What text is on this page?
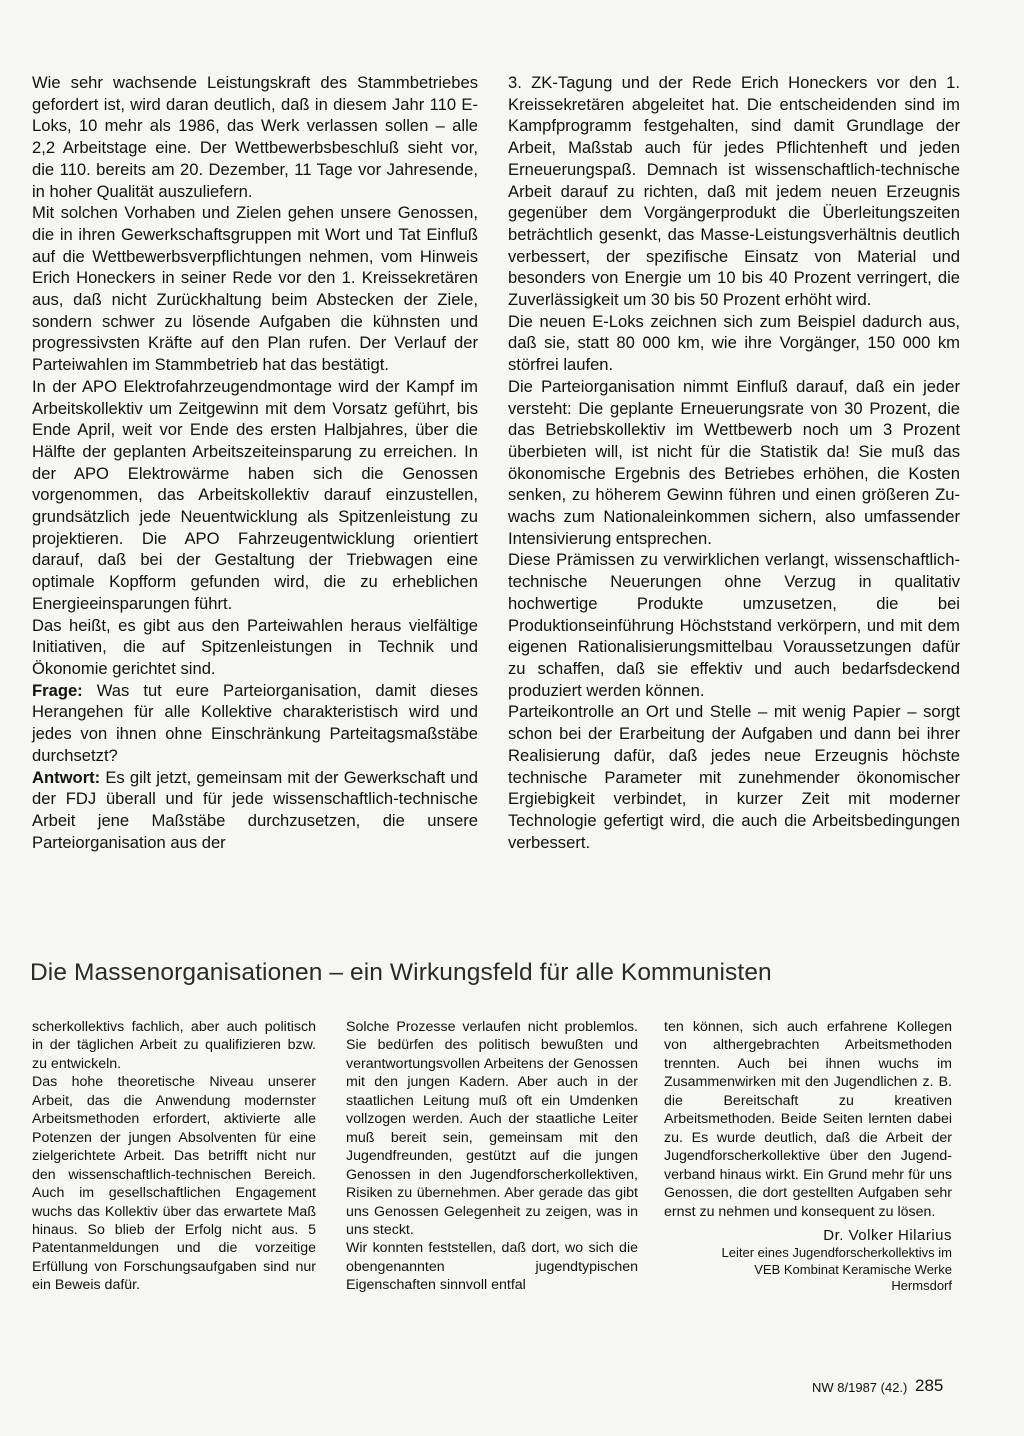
Wie sehr wachsende Leistungskraft des Stammbetriebes gefordert ist, wird daran deutlich, daß in diesem Jahr 110 E-Loks, 10 mehr als 1986, das Werk verlassen sollen – alle 2,2 Arbeitstage eine. Der Wettbewerbsbeschluß sieht vor, die 110. bereits am 20. Dezember, 11 Tage vor Jahresende, in hoher Qualität auszuliefern.

Mit solchen Vorhaben und Zielen gehen unsere Genossen, die in ihren Gewerkschaftsgruppen mit Wort und Tat Einfluß auf die Wettbewerbsverpflichtungen nehmen, vom Hinweis Erich Honeckers in seiner Rede vor den 1. Kreissekretären aus, daß nicht Zurückhaltung beim Abstecken der Ziele, sondern schwer zu lösende Aufgaben die kühnsten und progressivsten Kräfte auf den Plan rufen. Der Verlauf der Parteiwahlen im Stammbetrieb hat das bestätigt.

In der APO Elektrofahrzeugendmontage wird der Kampf im Arbeitskollektiv um Zeitgewinn mit dem Vorsatz geführt, bis Ende April, weit vor Ende des ersten Halbjahres, über die Hälfte der geplanten Arbeitszeiteinsparung zu erreichen. In der APO Elektrowärme haben sich die Genossen vorgenommen, das Arbeitskollektiv darauf einzustellen, grundsätzlich jede Neuentwicklung als Spitzenleistung zu projektieren. Die APO Fahrzeugentwicklung orientiert darauf, daß bei der Gestaltung der Triebwagen eine optimale Kopfform gefunden wird, die zu erheblichen Energieeinsparungen führt.

Das heißt, es gibt aus den Parteiwahlen heraus vielfältige Initiativen, die auf Spitzenleistungen in Technik und Ökonomie gerichtet sind.

Frage: Was tut eure Parteiorganisation, damit dieses Herangehen für alle Kollektive charakteristisch wird und jedes von ihnen ohne Einschränkung Parteitagsmaßstäbe durchsetzt?

Antwort: Es gilt jetzt, gemeinsam mit der Gewerkschaft und der FDJ überall und für jede wissenschaftlich-technische Arbeit jene Maßstäbe durchzusetzen, die unsere Parteiorganisation aus der

3. ZK-Tagung und der Rede Erich Honeckers vor den 1. Kreissekretären abgeleitet hat. Die entscheidenden sind im Kampfprogramm festgehalten, sind damit Grundlage der Arbeit, Maßstab auch für jedes Pflichtenheft und jeden Erneuerungspaß. Demnach ist wissenschaftlich-technische Arbeit darauf zu richten, daß mit jedem neuen Erzeugnis gegenüber dem Vorgängerprodukt die Überleitungszeiten beträchtlich gesenkt, das Masse-Leistungsverhältnis deutlich verbessert, der spezifische Einsatz von Material und besonders von Energie um 10 bis 40 Prozent verringert, die Zuverlässigkeit um 30 bis 50 Prozent erhöht wird.

Die neuen E-Loks zeichnen sich zum Beispiel dadurch aus, daß sie, statt 80 000 km, wie ihre Vorgänger, 150 000 km störfrei laufen.

Die Parteiorganisation nimmt Einfluß darauf, daß ein jeder versteht: Die geplante Erneuerungsrate von 30 Prozent, die das Betriebskollektiv im Wettbewerb noch um 3 Prozent überbieten will, ist nicht für die Statistik da! Sie muß das ökonomische Ergebnis des Betriebes erhöhen, die Kosten senken, zu höherem Gewinn führen und einen größeren Zuwachs zum Nationaleinkommen sichern, also umfassender Intensivierung entsprechen.

Diese Prämissen zu verwirklichen verlangt, wissenschaftlich-technische Neuerungen ohne Verzug in qualitativ hochwertige Produkte umzusetzen, die bei Produktionseinführung Höchststand verkörpern, und mit dem eigenen Rationalisierungsmittelbau Voraussetzungen dafür zu schaffen, daß sie effektiv und auch bedarfsdeckend produziert werden können.

Parteikontrolle an Ort und Stelle – mit wenig Papier – sorgt schon bei der Erarbeitung der Aufgaben und dann bei ihrer Realisierung dafür, daß jedes neue Erzeugnis höchste technische Parameter mit zunehmender ökonomischer Ergiebigkeit verbindet, in kurzer Zeit mit moderner Technologie gefertigt wird, die auch die Arbeitsbedingungen verbessert.

Die Massenorganisationen – ein Wirkungsfeld für alle Kommunisten

scherkollektivs fachlich, aber auch politisch in der täglichen Arbeit zu qualifizieren bzw. zu entwickeln.

Das hohe theoretische Niveau unserer Arbeit, das die Anwendung modernster Arbeitsmethoden erfordert, aktivierte alle Potenzen der jungen Absolventen für eine zielgerichtete Arbeit. Das betrifft nicht nur den wissenschaftlich-technischen Bereich. Auch im gesellschaftlichen Engagement wuchs das Kollektiv über das erwartete Maß hinaus. So blieb der Erfolg nicht aus. 5 Patentanmeldungen und die vorzeitige Erfüllung von Forschungsaufgaben sind nur ein Beweis dafür.

Solche Prozesse verlaufen nicht problemlos. Sie bedürfen des politisch bewußten und verantwortungsvollen Arbeitens der Genossen mit den jungen Kadern. Aber auch in der staatlichen Leitung muß oft ein Umdenken vollzogen werden. Auch der staatliche Leiter muß bereit sein, gemeinsam mit den Jugendfreunden, gestützt auf die jungen Genossen in den Jugendforscherkollektiven, Risiken zu übernehmen. Aber gerade das gibt uns Genossen Gelegenheit zu zeigen, was in uns steckt.

Wir konnten feststellen, daß dort, wo sich die obengenannten jugendtypischen Eigenschaften sinnvoll entfal

ten können, sich auch erfahrene Kollegen von althergebrachten Arbeitsmethoden trennten. Auch bei ihnen wuchs im Zusammenwirken mit den Jugendlichen z. B. die Bereitschaft zu kreativen Arbeitsmethoden. Beide Seiten lernten dabei zu. Es wurde deutlich, daß die Arbeit der Jugendforscherkollektive über den Jugendverband hinaus wirkt. Ein Grund mehr für uns Genossen, die dort gestellten Aufgaben sehr ernst zu nehmen und konsequent zu lösen.

Dr. Volker Hilarius

Leiter eines Jugendforscherkollektivs im

VEB Kombinat Keramische Werke

Hermsdorf

NW 8/1987 (42.) 285
